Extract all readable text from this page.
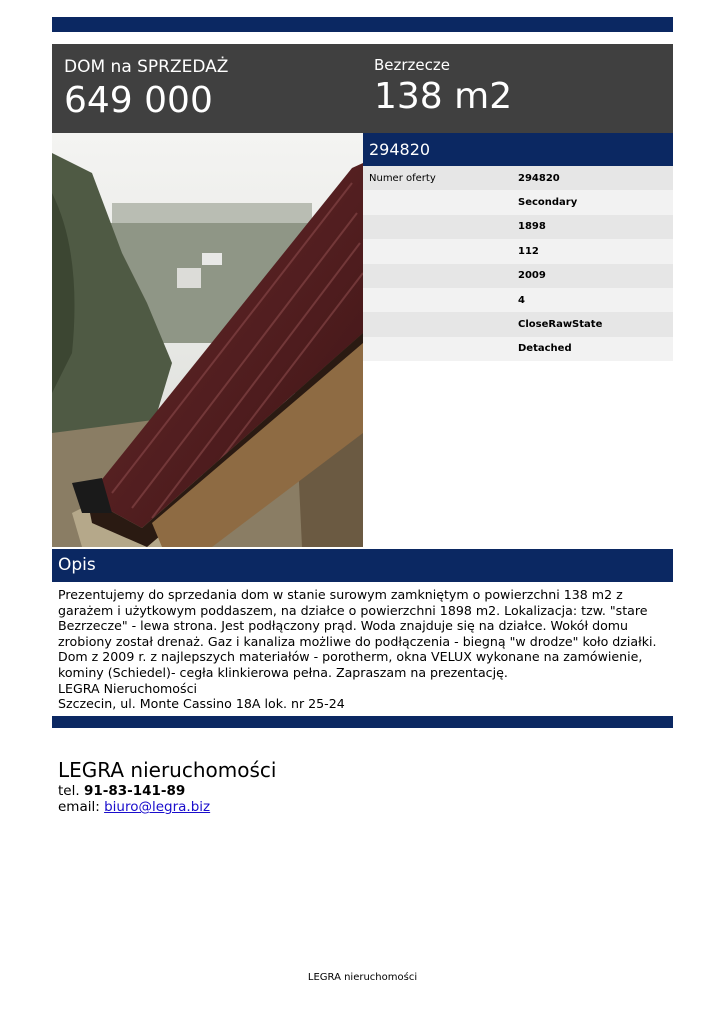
DOM na SPRZEDAŻ
649 000
Bezrzecze
138 m2
294820
Numer oferty	294820
Secondary
1898
112
2009
4
CloseRawState
Detached
Opis

Prezentujemy do sprzedania dom w stanie surowym zamkniętym o powierzchni 138 m2 z garażem i użytkowym poddaszem, na działce o powierzchni 1898 m2. Lokalizacja: tzw. "stare Bezrzecze" - lewa strona. Jest podłączony prąd. Woda znajduje się na działce. Wokół domu zrobiony został drenaż. Gaz i kanaliza możliwe do podłączenia - biegną "w drodze" koło działki. Dom z 2009 r. z najlepszych materiałów - porotherm, okna VELUX wykonane na zamówienie, kominy (Schiedel)- cegła klinkierowa pełna. Zapraszam na prezentację.

LEGRA Nieruchomości

Szczecin, ul. Monte Cassino 18A lok. nr 25-24

LEGRA nieruchomości
tel. 91-83-141-89
email: biuro@legra.biz
LEGRA nieruchomości
